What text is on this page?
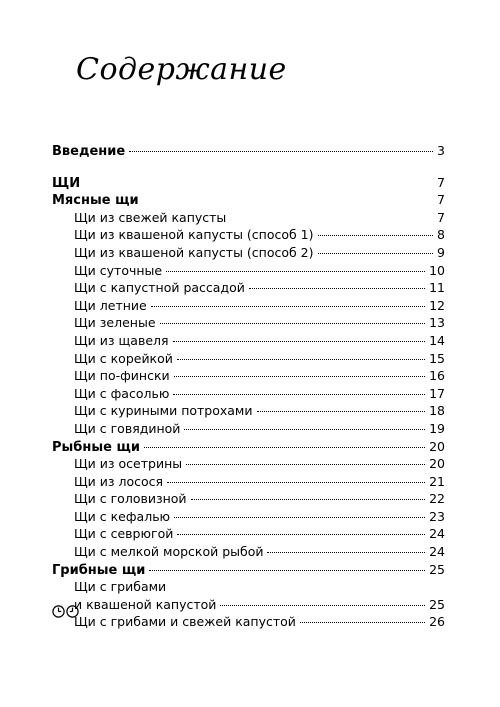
Содержание
Введение	3
ЩИ	7
Мясные щи	7
Щи из свежей капусты	7
Щи из квашеной капусты (способ 1)	8
Щи из квашеной капусты (способ 2)	9
Щи суточные	10
Щи с капустной рассадой	11
Щи летние	12
Щи зеленые	13
Щи из щавеля	14
Щи с корейкой	15
Щи по-фински	16
Щи с фасолью	17
Щи с куриными потрохами	18
Щи с говядиной	19
Рыбные щи	20
Щи из осетрины	20
Щи из лосося	21
Щи с головизной	22
Щи с кефалью	23
Щи с севрюгой	24
Щи с мелкой морской рыбой	24
Грибные щи	25
Щи с грибами
и квашеной капустой	25
Щи с грибами и свежей капустой	26
